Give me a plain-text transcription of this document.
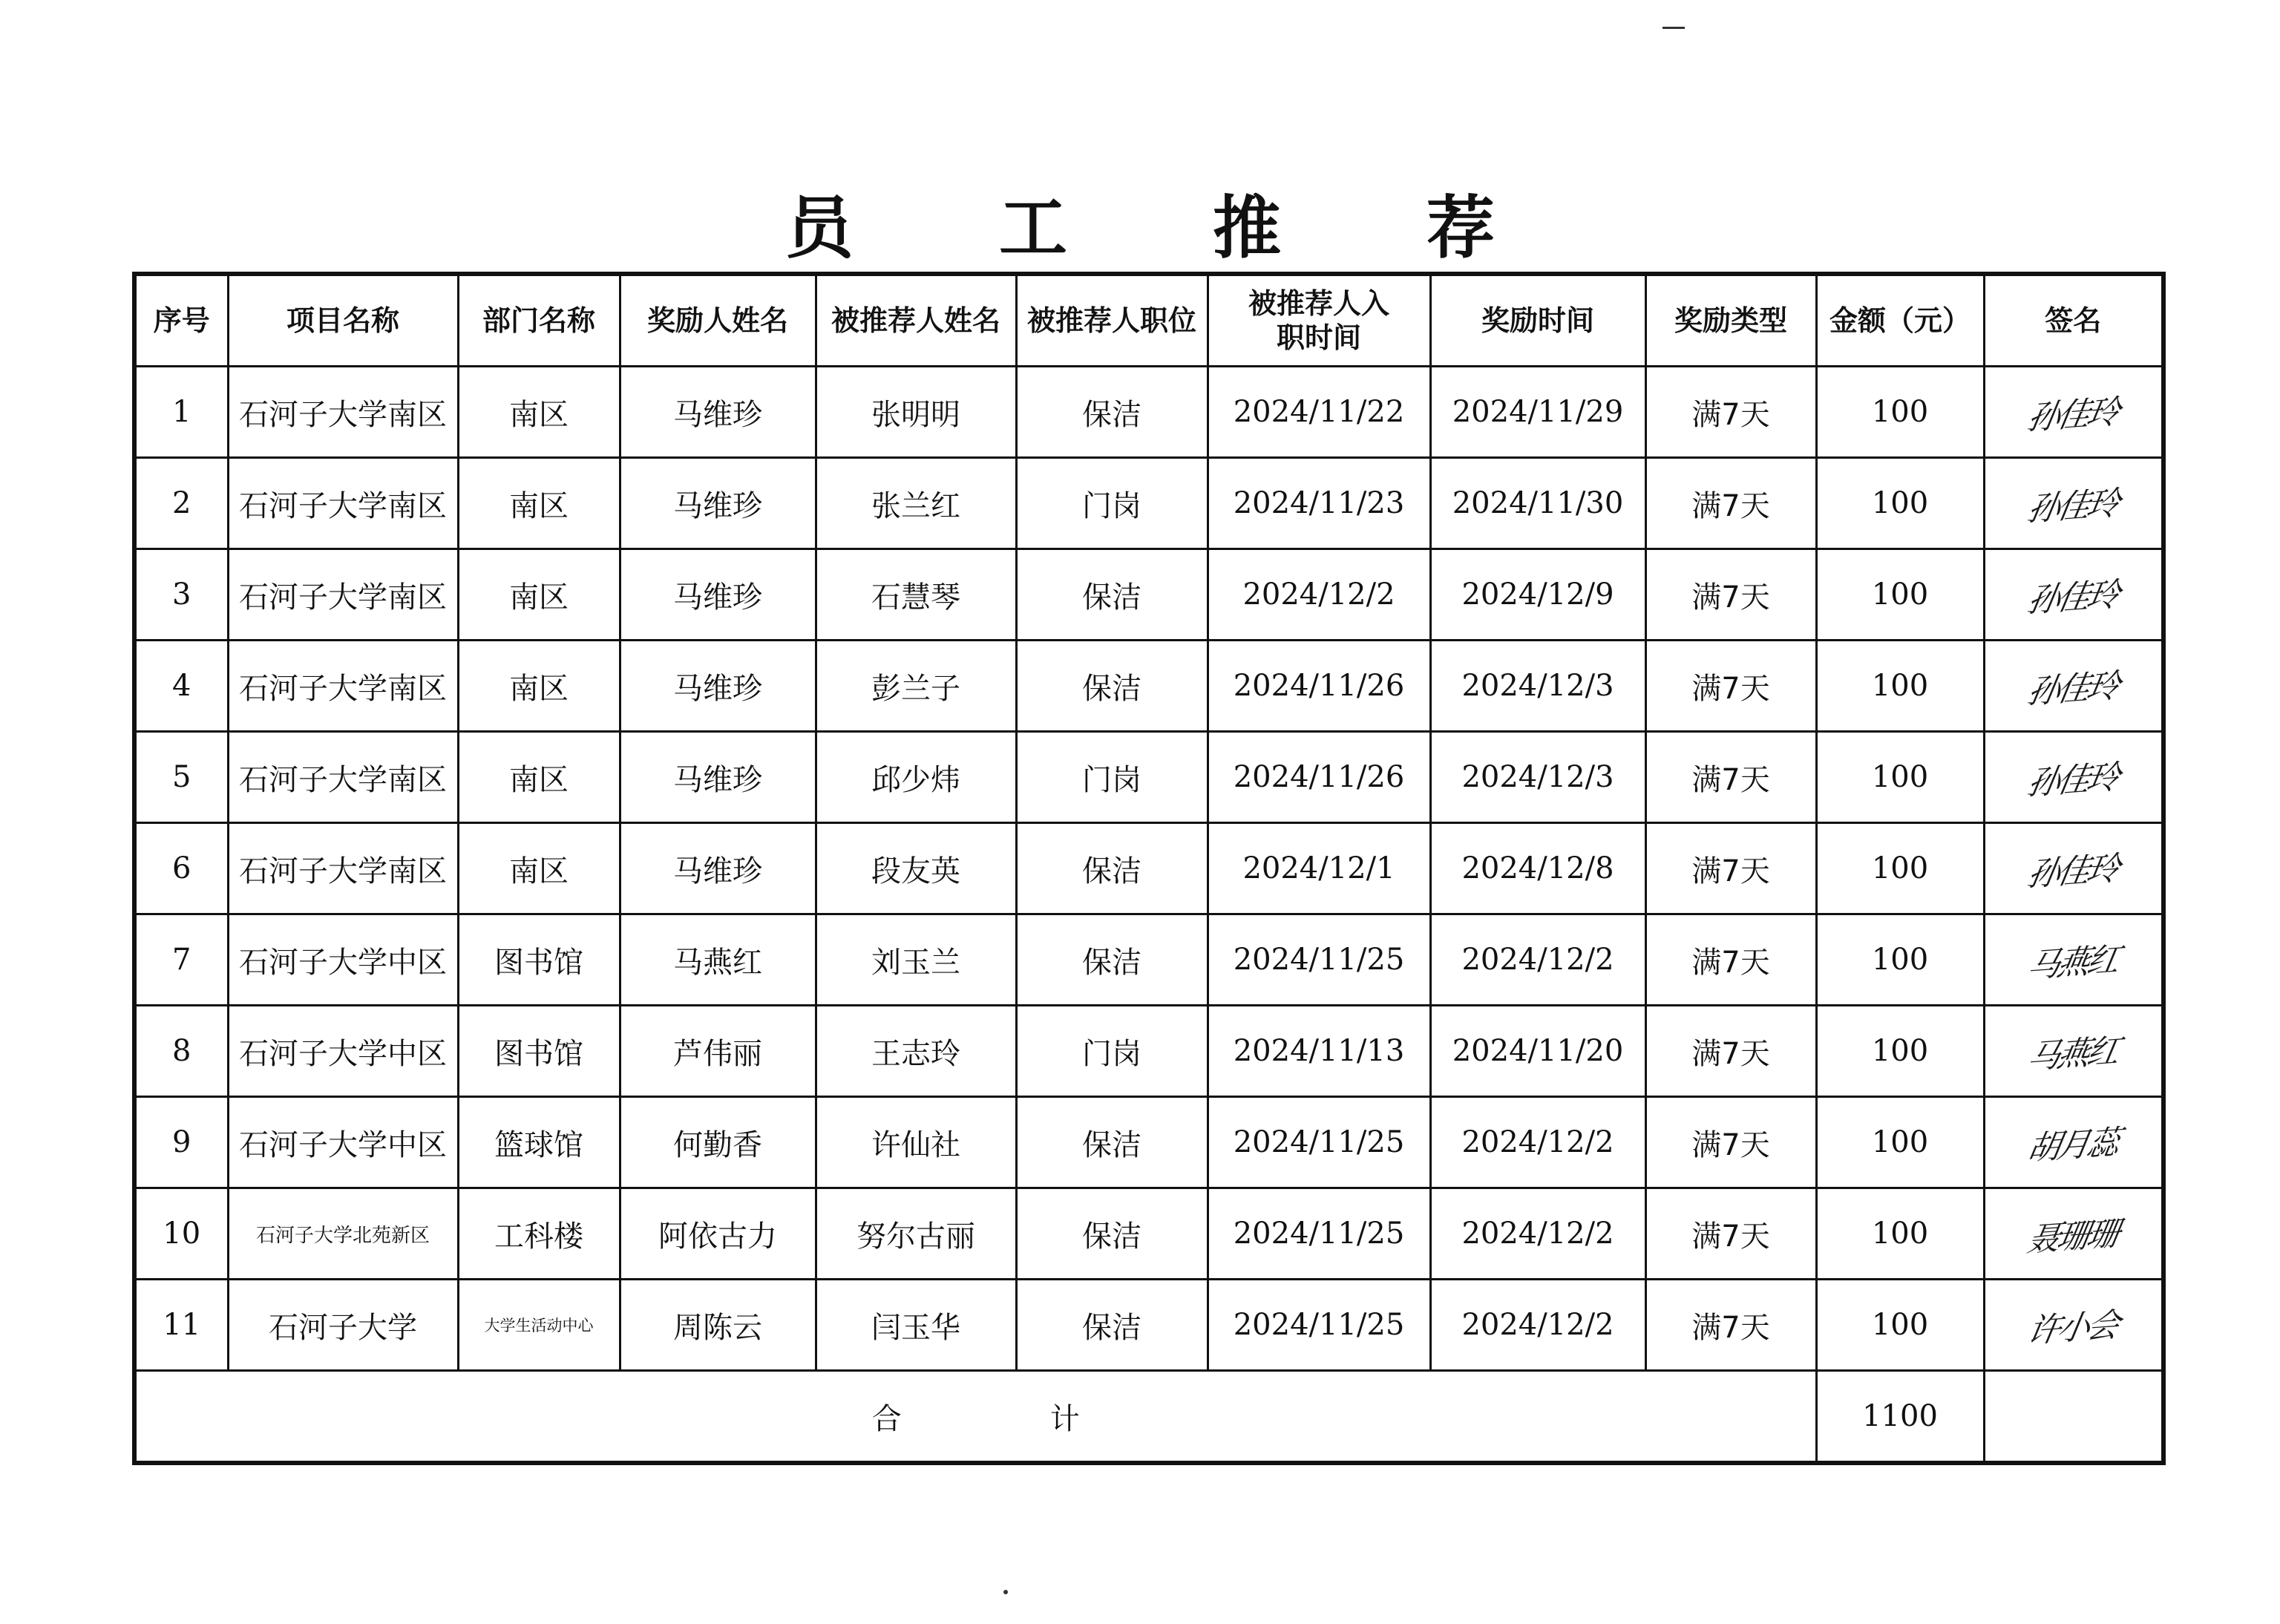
员 工 推 荐
序号	项目名称	部门名称	奖励人姓名	被推荐人姓名	被推荐人职位	被推荐人入职时间	奖励时间	奖励类型	金额（元）	签名
1	石河子大学南区	南区	马维珍	张明明	保洁	2024/11/22	2024/11/29	满7天	100	孙佳玲
2	石河子大学南区	南区	马维珍	张兰红	门岗	2024/11/23	2024/11/30	满7天	100	孙佳玲
3	石河子大学南区	南区	马维珍	石慧琴	保洁	2024/12/2	2024/12/9	满7天	100	孙佳玲
4	石河子大学南区	南区	马维珍	彭兰子	保洁	2024/11/26	2024/12/3	满7天	100	孙佳玲
5	石河子大学南区	南区	马维珍	邱少炜	门岗	2024/11/26	2024/12/3	满7天	100	孙佳玲
6	石河子大学南区	南区	马维珍	段友英	保洁	2024/12/1	2024/12/8	满7天	100	孙佳玲
7	石河子大学中区	图书馆	马燕红	刘玉兰	保洁	2024/11/25	2024/12/2	满7天	100	马燕红
8	石河子大学中区	图书馆	芦伟丽	王志玲	门岗	2024/11/13	2024/11/20	满7天	100	马燕红
9	石河子大学中区	篮球馆	何勤香	许仙社	保洁	2024/11/25	2024/12/2	满7天	100	胡月蕊
10	石河子大学北苑新区	工科楼	阿依古力	努尔古丽	保洁	2024/11/25	2024/12/2	满7天	100	聂珊珊
11	石河子大学	大学生活动中心	周陈云	闫玉华	保洁	2024/11/25	2024/12/2	满7天	100	许小会
合计									1100	
